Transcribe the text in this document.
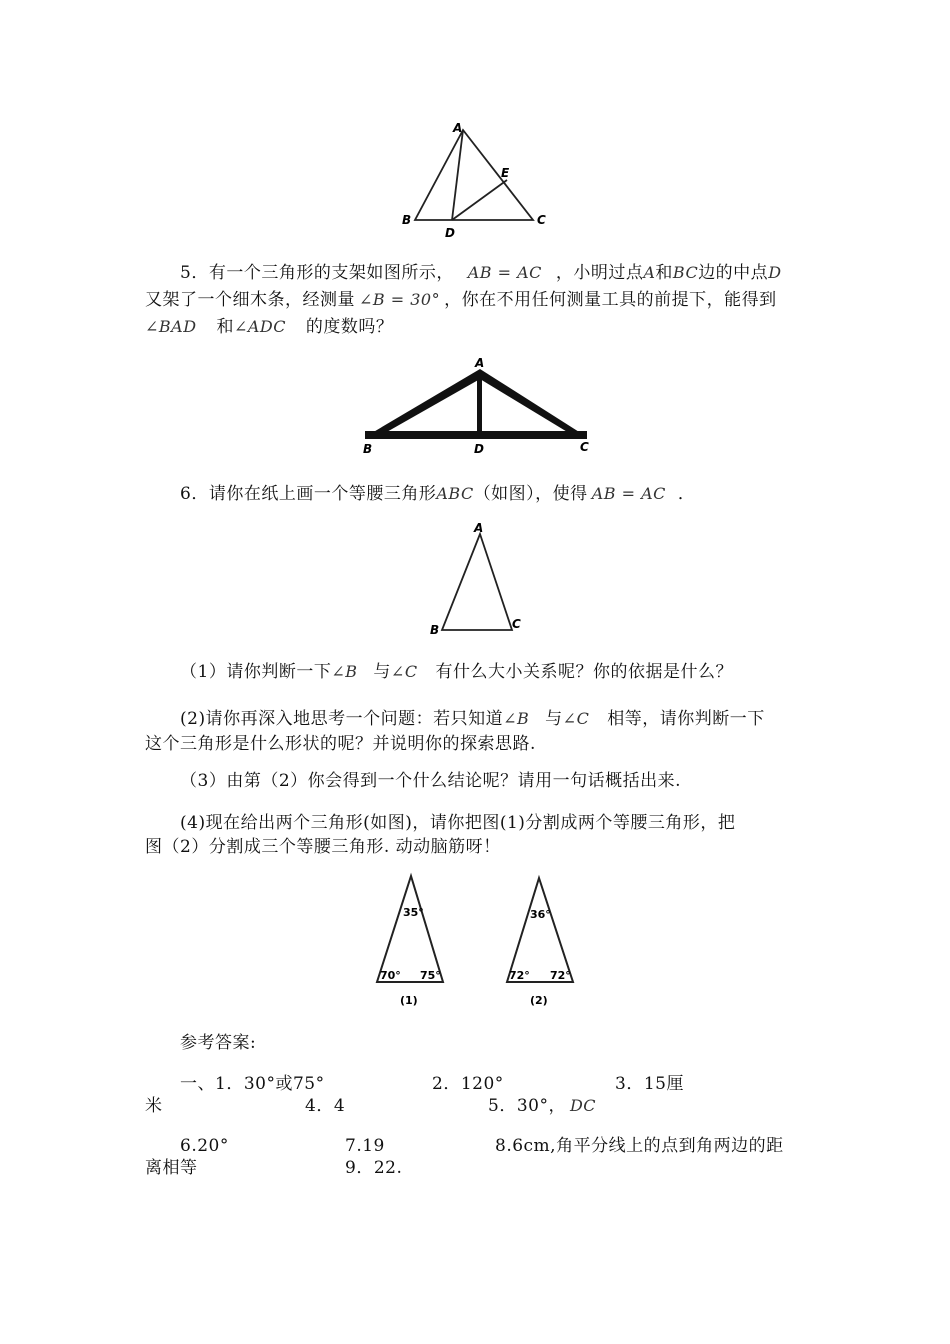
A
E
B
D
C
5．有一个三角形的支架如图所示， AB = AC ，小明过点A和BC边的中点D
又架了一个细木条，经测量 ∠B = 30° ，你在不用任何测量工具的前提下，能得到
∠BAD 和∠ADC 的度数吗？
A
B	D	C
6．请你在纸上画一个等腰三角形ABC（如图），使得 AB = AC ．
A
B	C
（1）请你判断一下∠B 与∠C 有什么大小关系呢？你的依据是什么？
(2)请你再深入地思考一个问题：若只知道∠B 与∠C 相等，请你判断一下
这个三角形是什么形状的呢？并说明你的探索思路.
（3）由第（2）你会得到一个什么结论呢？请用一句话概括出来.
(4)现在给出两个三角形(如图)，请你把图(1)分割成两个等腰三角形，把
图（2）分割成三个等腰三角形. 动动脑筋呀！
35°
70° 75°
(1)
36°
72° 72°
(2)
参考答案:
一、1．30°或75°	2．120°	3．15厘
米	4．4	5．30°， DC
6.20°	7.19	8.6cm,角平分线上的点到角两边的距
离相等	9．22.
